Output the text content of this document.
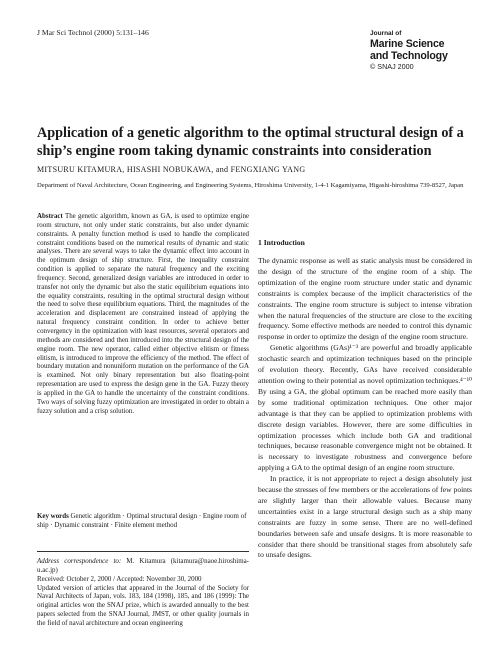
J Mar Sci Technol (2000) 5:131–146	Journal of
Marine Science
and Technology
© SNAJ 2000
Application of a genetic algorithm to the optimal structural design of a ship’s engine room taking dynamic constraints into consideration
MITSURU KITAMURA, HISASHI NOBUKAWA, and FENGXIANG YANG
Department of Naval Architecture, Ocean Engineering, and Engineering Systems, Hiroshima University, 1-4-1 Kagamiyama, Higashi-hiroshima 739-8527, Japan
Abstract The genetic algorithm, known as GA, is used to optimize engine room structure, not only under static constraints, but also under dynamic constraints. A penalty function method is used to handle the complicated constraint conditions based on the numerical results of dynamic and static analyses. There are several ways to take the dynamic effect into account in the optimum design of ship structure. First, the inequality constraint condition is applied to separate the natural frequency and the exciting frequency. Second, generalized design variables are introduced in order to transfer not only the dynamic but also the static equilibrium equations into the equality constraints, resulting in the optimal structural design without the need to solve these equilibrium equations. Third, the magnitudes of the acceleration and displacement are constrained instead of applying the natural frequency constraint condition. In order to achieve better convergency in the optimization with least resources, several operators and methods are considered and then introduced into the structural design of the engine room. The new operator, called either objective elitism or fitness elitism, is introduced to improve the efficiency of the method. The effect of boundary mutation and nonuniform mutation on the performance of the GA is examined. Not only binary representation but also floating-point representation are used to express the design gene in the GA. Fuzzy theory is applied in the GA to handle the uncertainty of the constraint conditions. Two ways of solving fuzzy optimization are investigated in order to obtain a fuzzy solution and a crisp solution.
Key words Genetic algorithm · Optimal structural design · Engine room of ship · Dynamic constraint · Finite element method
Address correspondence to: M. Kitamura (kitamura@naoe.hiroshima-u.ac.jp)
Received: October 2, 2000 / Accepted: November 30, 2000
Updated version of articles that appeared in the Journal of the Society for Naval Architects of Japan, vols. 183, 184 (1998), 185, and 186 (1999): The original articles won the SNAJ prize, which is awarded annually to the best papers selected from the SNAJ Journal, JMST, or other quality journals in the field of naval architecture and ocean engineering
1 Introduction

The dynamic response as well as static analysis must be considered in the design of the structure of the engine room of a ship. The optimization of the engine room structure under static and dynamic constraints is complex because of the implicit characteristics of the constraints. The engine room structure is subject to intense vibration when the natural frequencies of the structure are close to the exciting frequency. Some effective methods are needed to control this dynamic response in order to optimize the design of the engine room structure.

Genetic algorithms (GAs)¹⁻³ are powerful and broadly applicable stochastic search and optimization techniques based on the principle of evolution theory. Recently, GAs have received considerable attention owing to their potential as novel optimization techniques.⁴⁻¹⁰ By using a GA, the global optimum can be reached more easily than by some traditional optimization techniques. One other major advantage is that they can be applied to optimization problems with discrete design variables. However, there are some difficulties in optimization processes which include both GA and traditional techniques, because reasonable convergence might not be obtained. It is necessary to investigate robustness and convergence before applying a GA to the optimal design of an engine room structure.

In practice, it is not appropriate to reject a design absolutely just because the stresses of few members or the accelerations of few points are slightly larger than their allowable values. Because many uncertainties exist in a large structural design such as a ship many constraints are fuzzy in some sense. There are no well-defined boundaries between safe and unsafe designs. It is more reasonable to consider that there should be transitional stages from absolutely safe to unsafe designs.
